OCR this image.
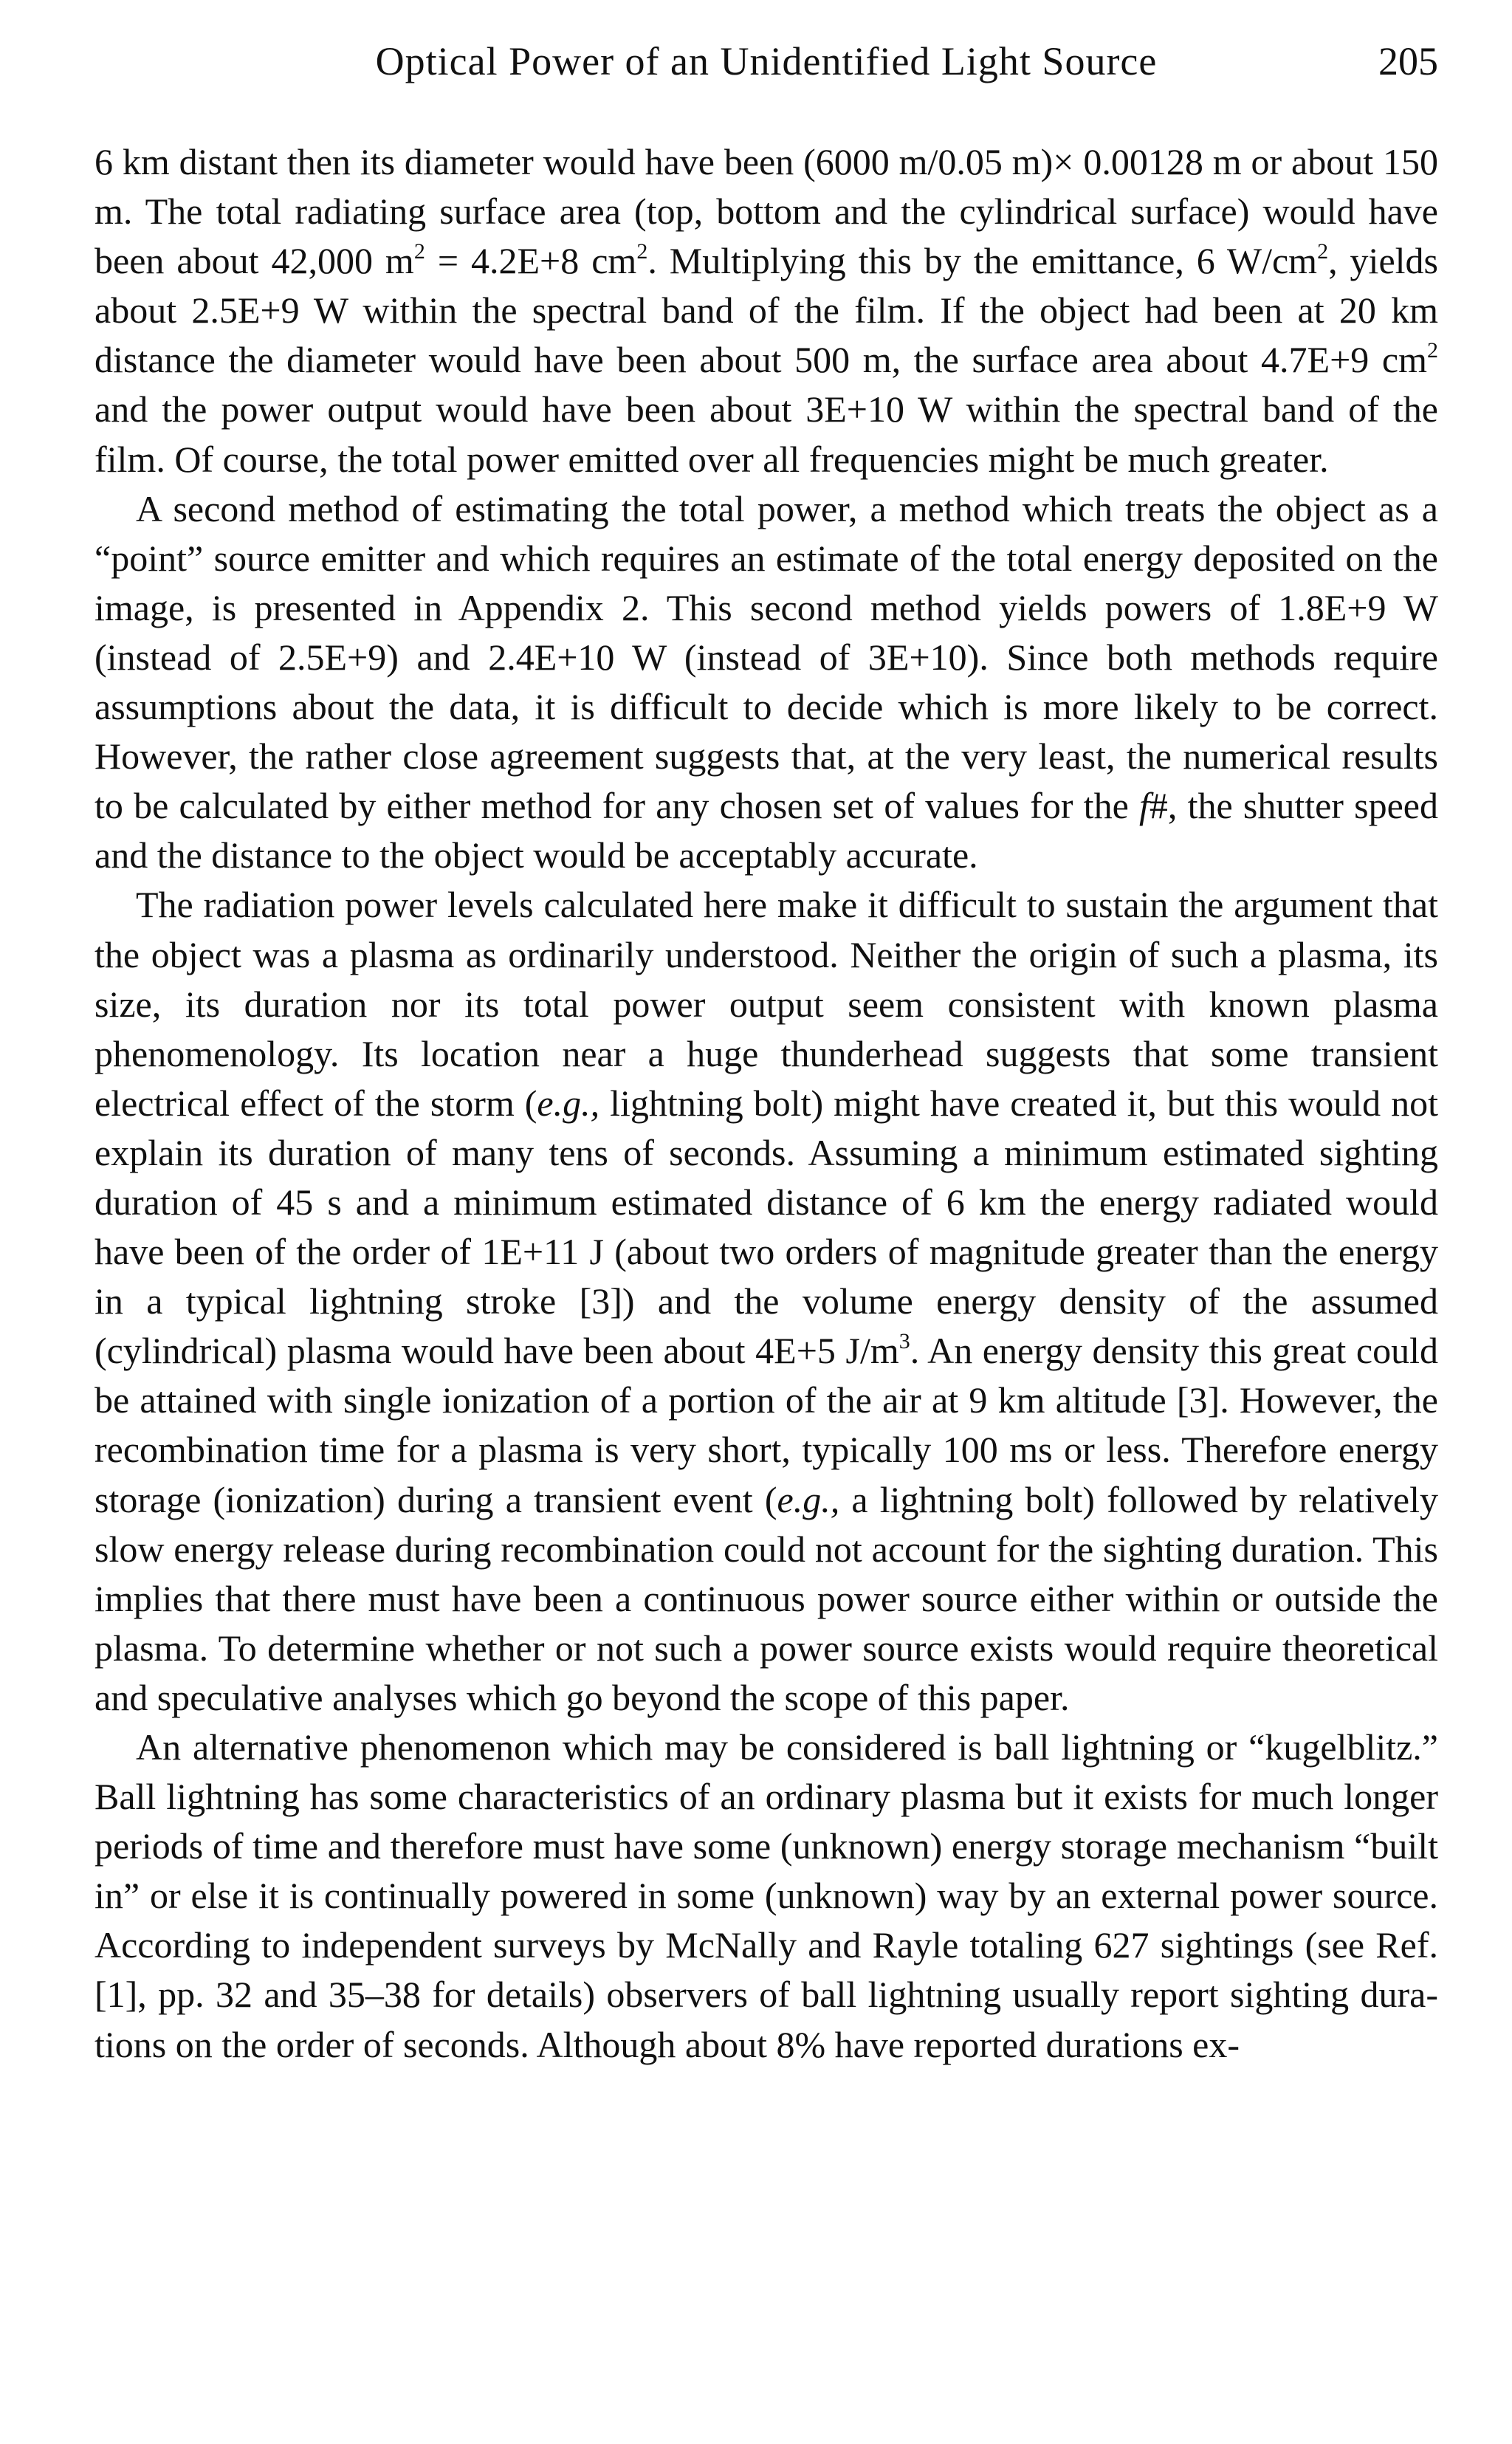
Optical Power of an Unidentified Light Source	205

6 km distant then its diameter would have been (6000 m/0.05 m)× 0.00128 m or about 150 m. The total radiating surface area (top, bottom and the cylindrical surface) would have been about 42,000 $m^2 = 4.2E+8$ $cm^2$. Multiplying this by the emittance, 6 $W/cm^2$, yields about 2.5E+9 W within the spectral band of the film. If the object had been at 20 km distance the diameter would have been about 500 m, the surface area about 4.7E+9 $cm^2$ and the power output would have been about 3E+10 W within the spectral band of the film. Of course, the total power emitted over all frequencies might be much greater.

A second method of estimating the total power, a method which treats the object as a “point” source emitter and which requires an estimate of the total energy deposited on the image, is presented in Appendix 2. This second method yields powers of 1.8E+9 W (instead of 2.5E+9) and 2.4E+10 W (instead of 3E+10). Since both methods require assumptions about the data, it is difficult to decide which is more likely to be correct. However, the rather close agreement suggests that, at the very least, the numerical results to be calculated by either method for any chosen set of values for the f#, the shutter speed and the distance to the object would be acceptably accurate.

The radiation power levels calculated here make it difficult to sustain the argument that the object was a plasma as ordinarily understood. Neither the origin of such a plasma, its size, its duration nor its total power output seem consistent with known plasma phenomenology. Its location near a huge thunderhead suggests that some transient electrical effect of the storm (e.g., lightning bolt) might have created it, but this would not explain its duration of many tens of seconds. Assuming a minimum estimated sighting duration of 45 s and a minimum estimated distance of 6 km the energy radiated would have been of the order of 1E+11 J (about two orders of magnitude greater than the energy in a typical lightning stroke [3]) and the volume energy density of the assumed (cylindrical) plasma would have been about 4E+5 $J/m^3$. An energy density this great could be attained with single ionization of a portion of the air at 9 km altitude [3]. However, the recombination time for a plasma is very short, typically 100 ms or less. Therefore energy storage (ionization) during a transient event (e.g., a lightning bolt) followed by relatively slow energy release during recombination could not account for the sighting duration. This implies that there must have been a continuous power source either within or outside the plasma. To determine whether or not such a power source exists would require theoretical and speculative analyses which go beyond the scope of this paper.

An alternative phenomenon which may be considered is ball lightning or “kugelblitz.” Ball lightning has some characteristics of an ordinary plasma but it exists for much longer periods of time and therefore must have some (unknown) energy storage mechanism “built in” or else it is continually powered in some (unknown) way by an external power source. According to independent surveys by McNally and Rayle totaling 627 sightings (see Ref. [1], pp. 32 and 35–38 for details) observers of ball lightning usually report sighting durations on the order of seconds. Although about 8% have reported durations ex-
